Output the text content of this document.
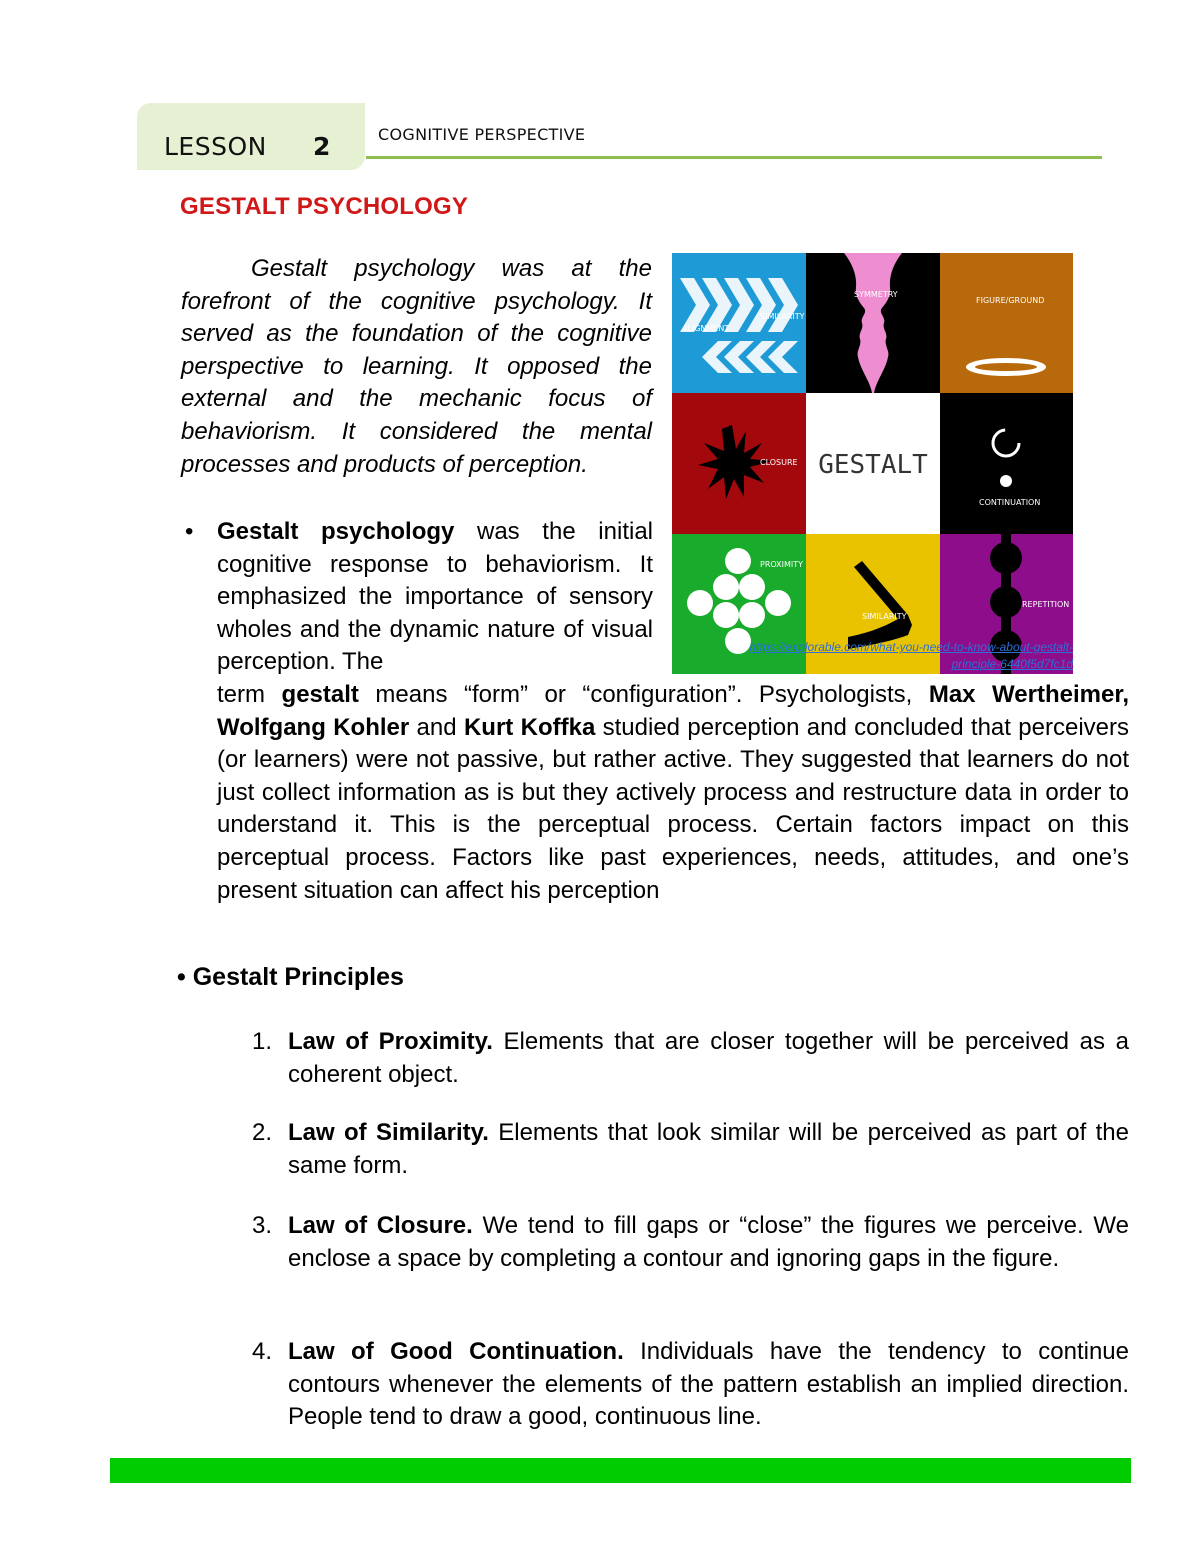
LESSON 2	COGNITIVE PERSPECTIVE
GESTALT PSYCHOLOGY

Gestalt psychology was at the forefront of the cognitive psychology. It served as the foundation of the cognitive perspective to learning. It opposed the external and the mechanic focus of behaviorism. It considered the mental processes and products of perception.

ALIGNMENT
SIMILARITY
SYMMETRY
FIGURE/GROUND
CLOSURE GESTALT
CONTINUATION
PROXIMITY
SIMILARITY
REPETITION
https://explorable.com/what-you-need-to-know-about-gestalt-principle-6440f5d7fc1d
• Gestalt psychology was the initial cognitive response to behaviorism. It emphasized the importance of sensory wholes and the dynamic nature of visual perception. The
term gestalt means “form” or “configuration”. Psychologists, Max Wertheimer, Wolfgang Kohler and Kurt Koffka studied perception and concluded that perceivers (or learners) were not passive, but rather active. They suggested that learners do not just collect information as is but they actively process and restructure data in order to understand it. This is the perceptual process. Certain factors impact on this perceptual process. Factors like past experiences, needs, attitudes, and one’s present situation can affect his perception
• Gestalt Principles
1. Law of Proximity. Elements that are closer together will be perceived as a coherent object.
2. Law of Similarity. Elements that look similar will be perceived as part of the same form.
3. Law of Closure. We tend to fill gaps or “close” the figures we perceive. We enclose a space by completing a contour and ignoring gaps in the figure.
4. Law of Good Continuation. Individuals have the tendency to continue contours whenever the elements of the pattern establish an implied direction. People tend to draw a good, continuous line.
